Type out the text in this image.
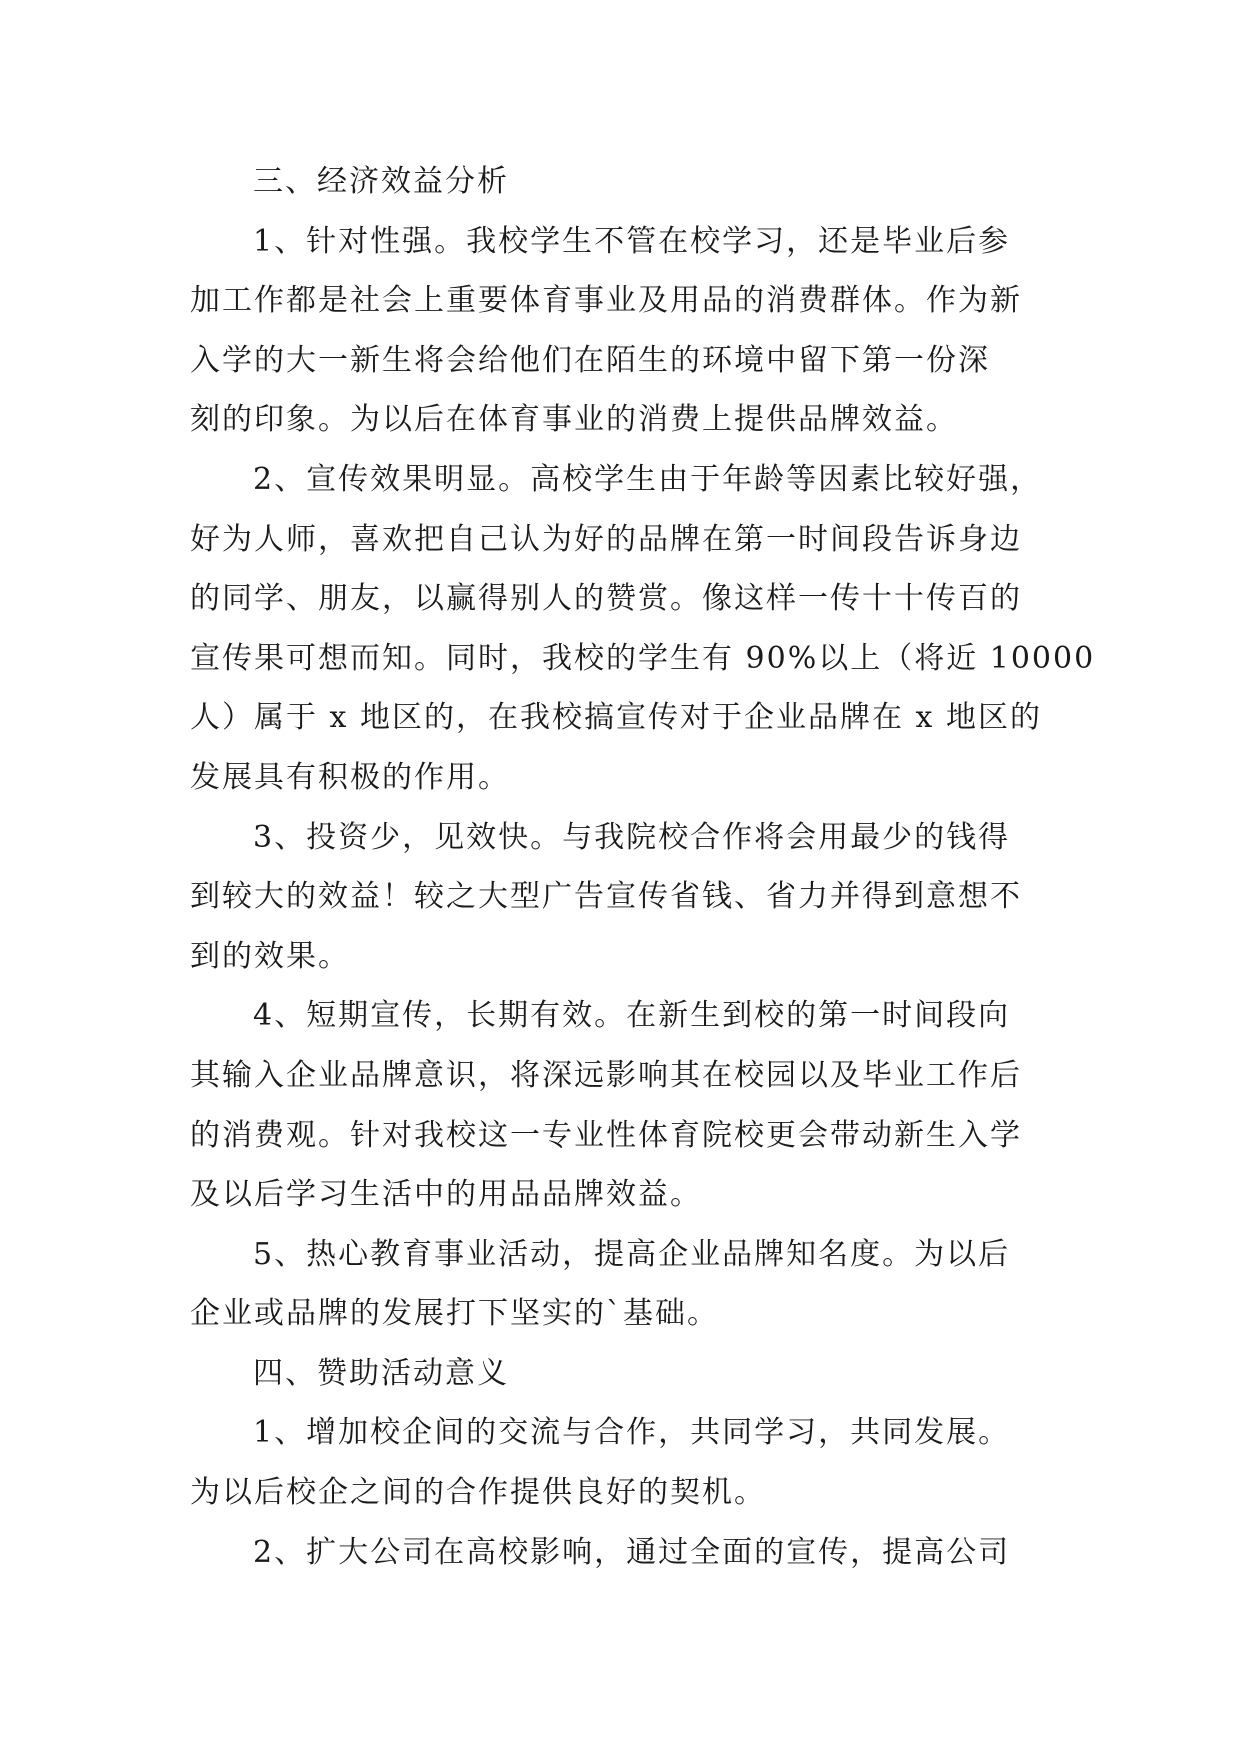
三、经济效益分析
1、针对性强。我校学生不管在校学习，还是毕业后参
加工作都是社会上重要体育事业及用品的消费群体。作为新
入学的大一新生将会给他们在陌生的环境中留下第一份深
刻的印象。为以后在体育事业的消费上提供品牌效益。
2、宣传效果明显。高校学生由于年龄等因素比较好强，
好为人师，喜欢把自己认为好的品牌在第一时间段告诉身边
的同学、朋友，以赢得别人的赞赏。像这样一传十十传百的
宣传果可想而知。同时，我校的学生有 90%以上（将近 10000
人）属于 x 地区的，在我校搞宣传对于企业品牌在 x 地区的
发展具有积极的作用。
3、投资少，见效快。与我院校合作将会用最少的钱得
到较大的效益！较之大型广告宣传省钱、省力并得到意想不
到的效果。
4、短期宣传，长期有效。在新生到校的第一时间段向
其输入企业品牌意识，将深远影响其在校园以及毕业工作后
的消费观。针对我校这一专业性体育院校更会带动新生入学
及以后学习生活中的用品品牌效益。
5、热心教育事业活动，提高企业品牌知名度。为以后
企业或品牌的发展打下坚实的`基础。
四、赞助活动意义
1、增加校企间的交流与合作，共同学习，共同发展。
为以后校企之间的合作提供良好的契机。
2、扩大公司在高校影响，通过全面的宣传，提高公司
